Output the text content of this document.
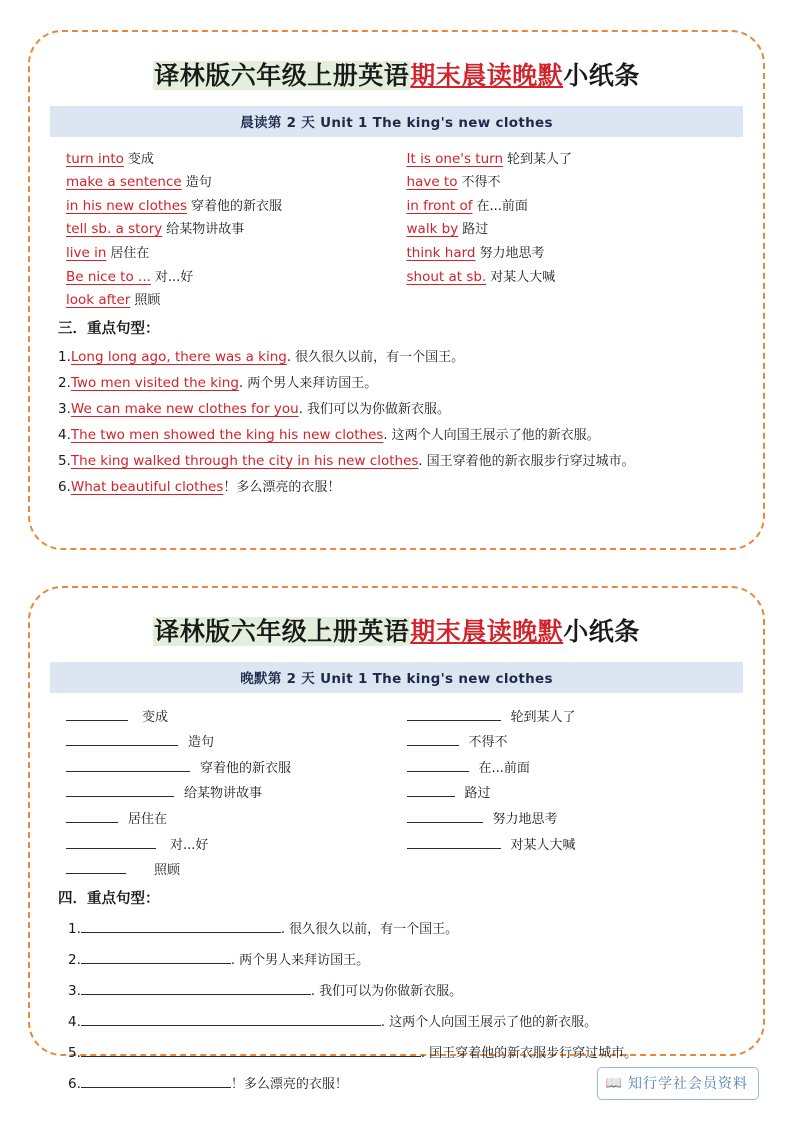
译林版六年级上册英语期末晨读晚默小纸条
晨读第 2 天 Unit 1 The king's new clothes
turn into 变成
make a sentence 造句
in his new clothes 穿着他的新衣服
tell sb. a story 给某物讲故事
live in 居住在
Be nice to ... 对...好
look after 照顾
It is one's turn 轮到某人了
have to 不得不
in front of 在...前面
walk by 路过
think hard 努力地思考
shout at sb. 对某人大喊
三．重点句型：
1.Long long ago, there was a king. 很久很久以前，有一个国王。
2.Two men visited the king. 两个男人来拜访国王。
3.We can make new clothes for you. 我们可以为你做新衣服。
4.The two men showed the king his new clothes. 这两个人向国王展示了他的新衣服。
5.The king walked through the city in his new clothes. 国王穿着他的新衣服步行穿过城市。
6.What beautiful clothes！多么漂亮的衣服！
译林版六年级上册英语期末晨读晚默小纸条
晚默第 2 天 Unit 1 The king's new clothes
变成
造句
穿着他的新衣服
给某物讲故事
居住在
对...好
照顾
轮到某人了
不得不
在...前面
路过
努力地思考
对某人大喊
四．重点句型：
1.	. 很久很久以前，有一个国王。
2.	. 两个男人来拜访国王。
3.	. 我们可以为你做新衣服。
4.	. 这两个人向国王展示了他的新衣服。
5.	. 国王穿着他的新衣服步行穿过城市。
6.	！多么漂亮的衣服！	📖 知行学社会员资料
